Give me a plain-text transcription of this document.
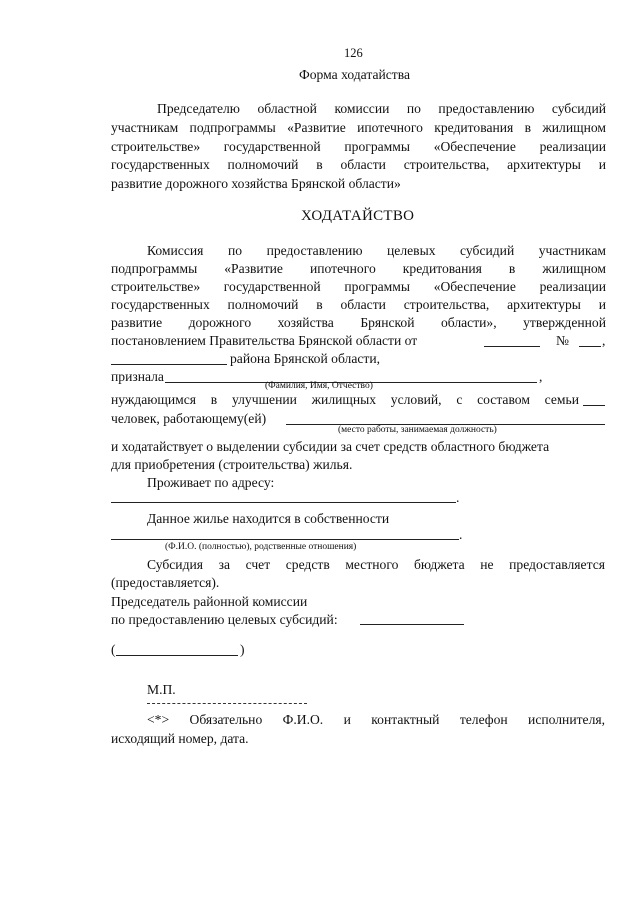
126
Форма ходатайства
Председателю областной комиссии по предоставлению субсидий
участникам подпрограммы «Развитие ипотечного кредитования в жилищном
строительстве» государственной программы «Обеспечение реализации
государственных полномочий в области строительства, архитектуры и
развитие дорожного хозяйства Брянской области»
ХОДАТАЙСТВО
Комиссия по предоставлению целевых субсидий участникам
подпрограммы «Развитие ипотечного кредитования в жилищном
строительстве» государственной программы «Обеспечение реализации
государственных полномочий в области строительства, архитектуры и
развитие дорожного хозяйства Брянской области», утвержденной
постановлением Правительства Брянской области от	№ ,
района Брянской области,
признала	,
(Фамилия, Имя, Отчество)
нуждающимся в улучшении жилищных условий, с составом семьи
человек, работающему(ей)
(место работы, занимаемая должность)
и ходатайствует о выделении субсидии за счет средств областного бюджета
для приобретения (строительства) жилья.
Проживает по адресу:
.
Данное жилье находится в собственности
.
(Ф.И.О. (полностью), родственные отношения)
Субсидия за счет средств местного бюджета не предоставляется
(предоставляется).
Председатель районной комиссии
по предоставлению целевых субсидий:
(	)
М.П.
<*> Обязательно Ф.И.О. и контактный телефон исполнителя,
исходящий номер, дата.
